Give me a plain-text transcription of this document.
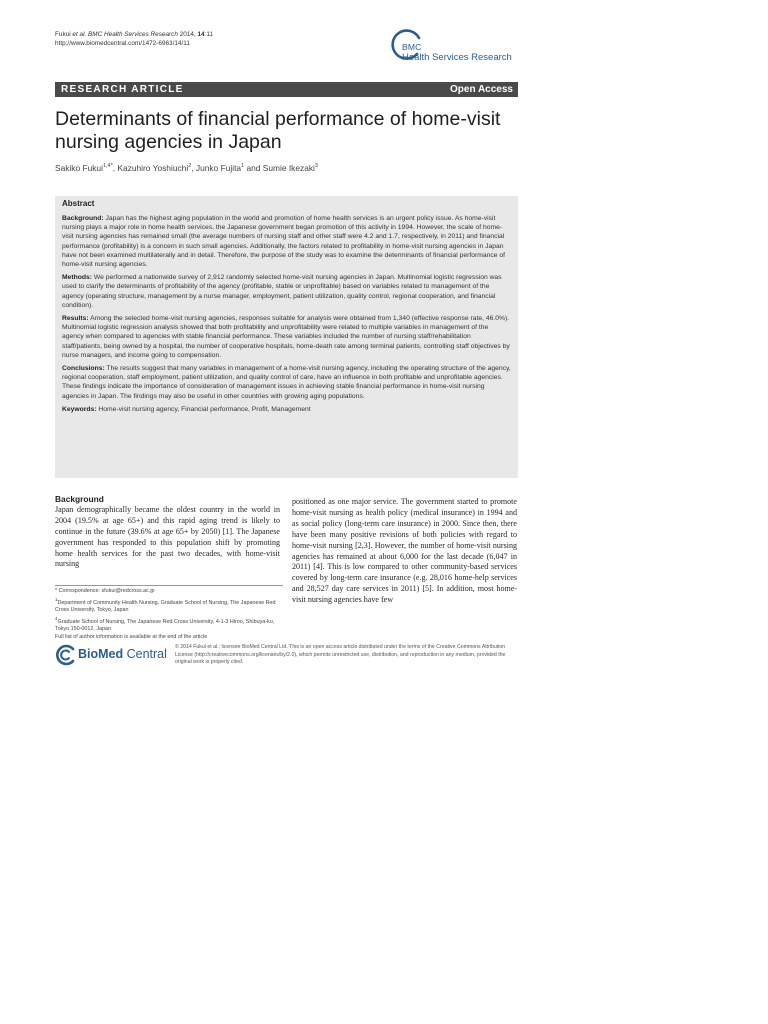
Fukui et al. BMC Health Services Research 2014, 14:11
http://www.biomedcentral.com/1472-6963/14/11	BMC
Health Services Research
RESEARCH ARTICLE	Open Access
Determinants of financial performance of home-visit nursing agencies in Japan
Sakiko Fukui$^{1,4*}$, Kazuhiro Yoshiuchi$^2$, Junko Fujita$^1$ and Sumie Ikezaki$^3$
Abstract

Background: Japan has the highest aging population in the world and promotion of home health services is an urgent policy issue. As home-visit nursing plays a major role in home health services, the Japanese government began promotion of this activity in 1994. However, the scale of home-visit nursing agencies has remained small (the average numbers of nursing staff and other staff were 4.2 and 1.7, respectively, in 2011) and financial performance (profitability) is a concern in such small agencies. Additionally, the factors related to profitability in home-visit nursing agencies in Japan have not been examined multilaterally and in detail. Therefore, the purpose of the study was to examine the determinants of financial performance of home-visit nursing agencies.

Methods: We performed a nationwide survey of 2,912 randomly selected home-visit nursing agencies in Japan. Multinomial logistic regression was used to clarify the determinants of profitability of the agency (profitable, stable or unprofitable) based on variables related to management of the agency (operating structure, management by a nurse manager, employment, patient utilization, quality control, regional cooperation, and financial condition).

Results: Among the selected home-visit nursing agencies, responses suitable for analysis were obtained from 1,340 (effective response rate, 46.0%). Multinomial logistic regression analysis showed that both profitability and unprofitability were related to multiple variables in management of the agency when compared to agencies with stable financial performance. These variables included the number of nursing staff/rehabilitation staff/patients, being owned by a hospital, the number of cooperative hospitals, home-death rate among terminal patients, controlling staff objectives by nurse managers, and income going to compensation.

Conclusions: The results suggest that many variables in management of a home-visit nursing agency, including the operating structure of the agency, regional cooperation, staff employment, patient utilization, and quality control of care, have an influence in both profitable and unprofitable agencies. These findings indicate the importance of consideration of management issues in achieving stable financial performance in home-visit nursing agencies in Japan. The findings may also be useful in other countries with growing aging populations.

Keywords: Home-visit nursing agency, Financial performance, Profit, Management

Background
Japan demographically became the oldest country in the world in 2004 (19.5% at age 65+) and this rapid aging trend is likely to continue in the future (39.6% at age 65+ by 2050) [1]. The Japanese government has responded to this population shift by promoting home health services for the past two decades, with home-visit nursing
positioned as one major service. The government started to promote home-visit nursing as health policy (medical insurance) in 1994 and as social policy (long-term care insurance) in 2000. Since then, there have been many positive revisions of both policies with regard to home-visit nursing [2,3]. However, the number of home-visit nursing agencies has remained at about 6,000 for the last decade (6,047 in 2011) [4]. This is low compared to other community-based services covered by long-term care insurance (e.g. 28,016 home-help services and 28,527 day care services in 2011) [5]. In addition, most home-visit nursing agencies have few
* Correspondence: sfukui@redcross.ac.jp
$^1$Department of Community Health Nursing, Graduate School of Nursing, The Japanese Red Cross University, Tokyo, Japan
$^4$Graduate School of Nursing, The Japanese Red Cross University, 4-1-3 Hiroo, Shibuya-ku, Tokyo 150-0012, Japan
Full list of author information is available at the end of the article
BioMed Central © 2014 Fukui et al.; licensee BioMed Central Ltd. This is an open access article distributed under the terms of the Creative Commons Attribution License (http://creativecommons.org/licenses/by/2.0), which permits unrestricted use, distribution, and reproduction in any medium, provided the original work is properly cited.
